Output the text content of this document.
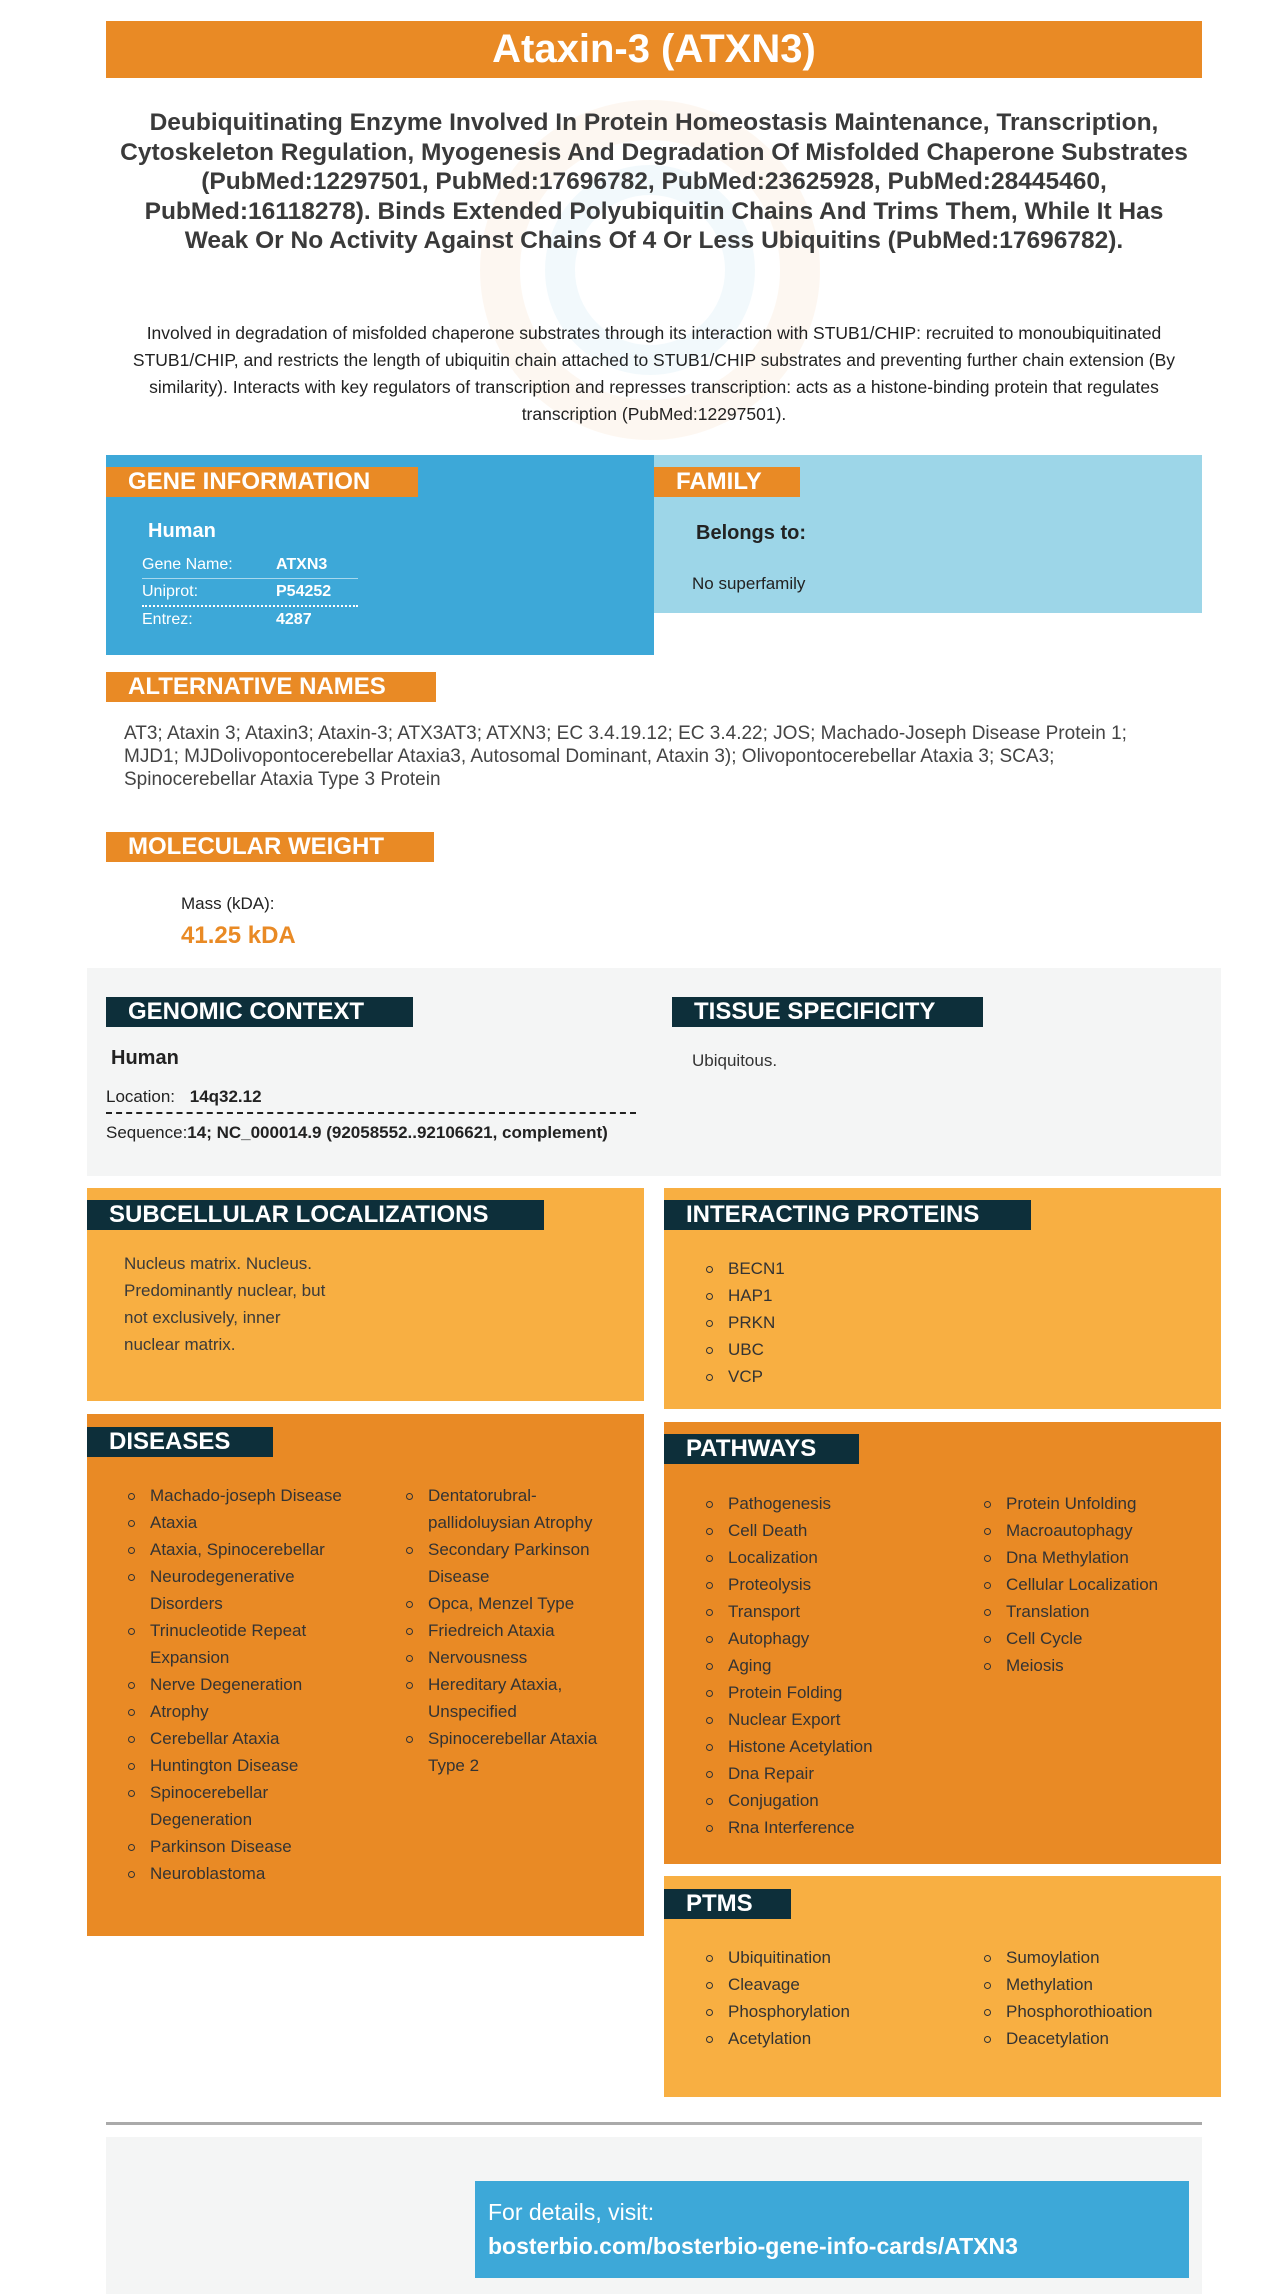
Ataxin-3 (ATXN3)
Deubiquitinating Enzyme Involved In Protein Homeostasis Maintenance, Transcription, Cytoskeleton Regulation, Myogenesis And Degradation Of Misfolded Chaperone Substrates (PubMed:12297501, PubMed:17696782, PubMed:23625928, PubMed:28445460, PubMed:16118278). Binds Extended Polyubiquitin Chains And Trims Them, While It Has Weak Or No Activity Against Chains Of 4 Or Less Ubiquitins (PubMed:17696782).
Involved in degradation of misfolded chaperone substrates through its interaction with STUB1/CHIP: recruited to monoubiquitinated STUB1/CHIP, and restricts the length of ubiquitin chain attached to STUB1/CHIP substrates and preventing further chain extension (By similarity). Interacts with key regulators of transcription and represses transcription: acts as a histone-binding protein that regulates transcription (PubMed:12297501).
GENE INFORMATION
Human
Gene Name:	ATXN3
Uniprot:	P54252
Entrez:	4287
FAMILY
Belongs to:
No superfamily
ALTERNATIVE NAMES
AT3; Ataxin 3; Ataxin3; Ataxin-3; ATX3AT3; ATXN3; EC 3.4.19.12; EC 3.4.22; JOS; Machado-Joseph Disease Protein 1; MJD1; MJDolivopontocerebellar Ataxia3, Autosomal Dominant, Ataxin 3); Olivopontocerebellar Ataxia 3; SCA3; Spinocerebellar Ataxia Type 3 Protein
MOLECULAR WEIGHT
Mass (kDA):
41.25 kDA
GENOMIC CONTEXT
Human
Location: 14q32.12
Sequence:14; NC_000014.9 (92058552..92106621, complement)
TISSUE SPECIFICITY
Ubiquitous.
SUBCELLULAR LOCALIZATIONS
Nucleus matrix. Nucleus. Predominantly nuclear, but not exclusively, inner nuclear matrix.
INTERACTING PROTEINS
BECN1
HAP1
PRKN
UBC
VCP
DISEASES
Machado-joseph Disease
Ataxia
Ataxia, Spinocerebellar
Neurodegenerative Disorders
Trinucleotide Repeat Expansion
Nerve Degeneration
Atrophy
Cerebellar Ataxia
Huntington Disease
Spinocerebellar Degeneration
Parkinson Disease
Neuroblastoma
Dentatorubral-pallidoluysian Atrophy
Secondary Parkinson Disease
Opca, Menzel Type
Friedreich Ataxia
Nervousness
Hereditary Ataxia, Unspecified
Spinocerebellar Ataxia Type 2
PATHWAYS
Pathogenesis
Cell Death
Localization
Proteolysis
Transport
Autophagy
Aging
Protein Folding
Nuclear Export
Histone Acetylation
Dna Repair
Conjugation
Rna Interference
Protein Unfolding
Macroautophagy
Dna Methylation
Cellular Localization
Translation
Cell Cycle
Meiosis
PTMS
Ubiquitination
Cleavage
Phosphorylation
Acetylation
Sumoylation
Methylation
Phosphorothioation
Deacetylation
For details, visit:
bosterbio.com/bosterbio-gene-info-cards/ATXN3
